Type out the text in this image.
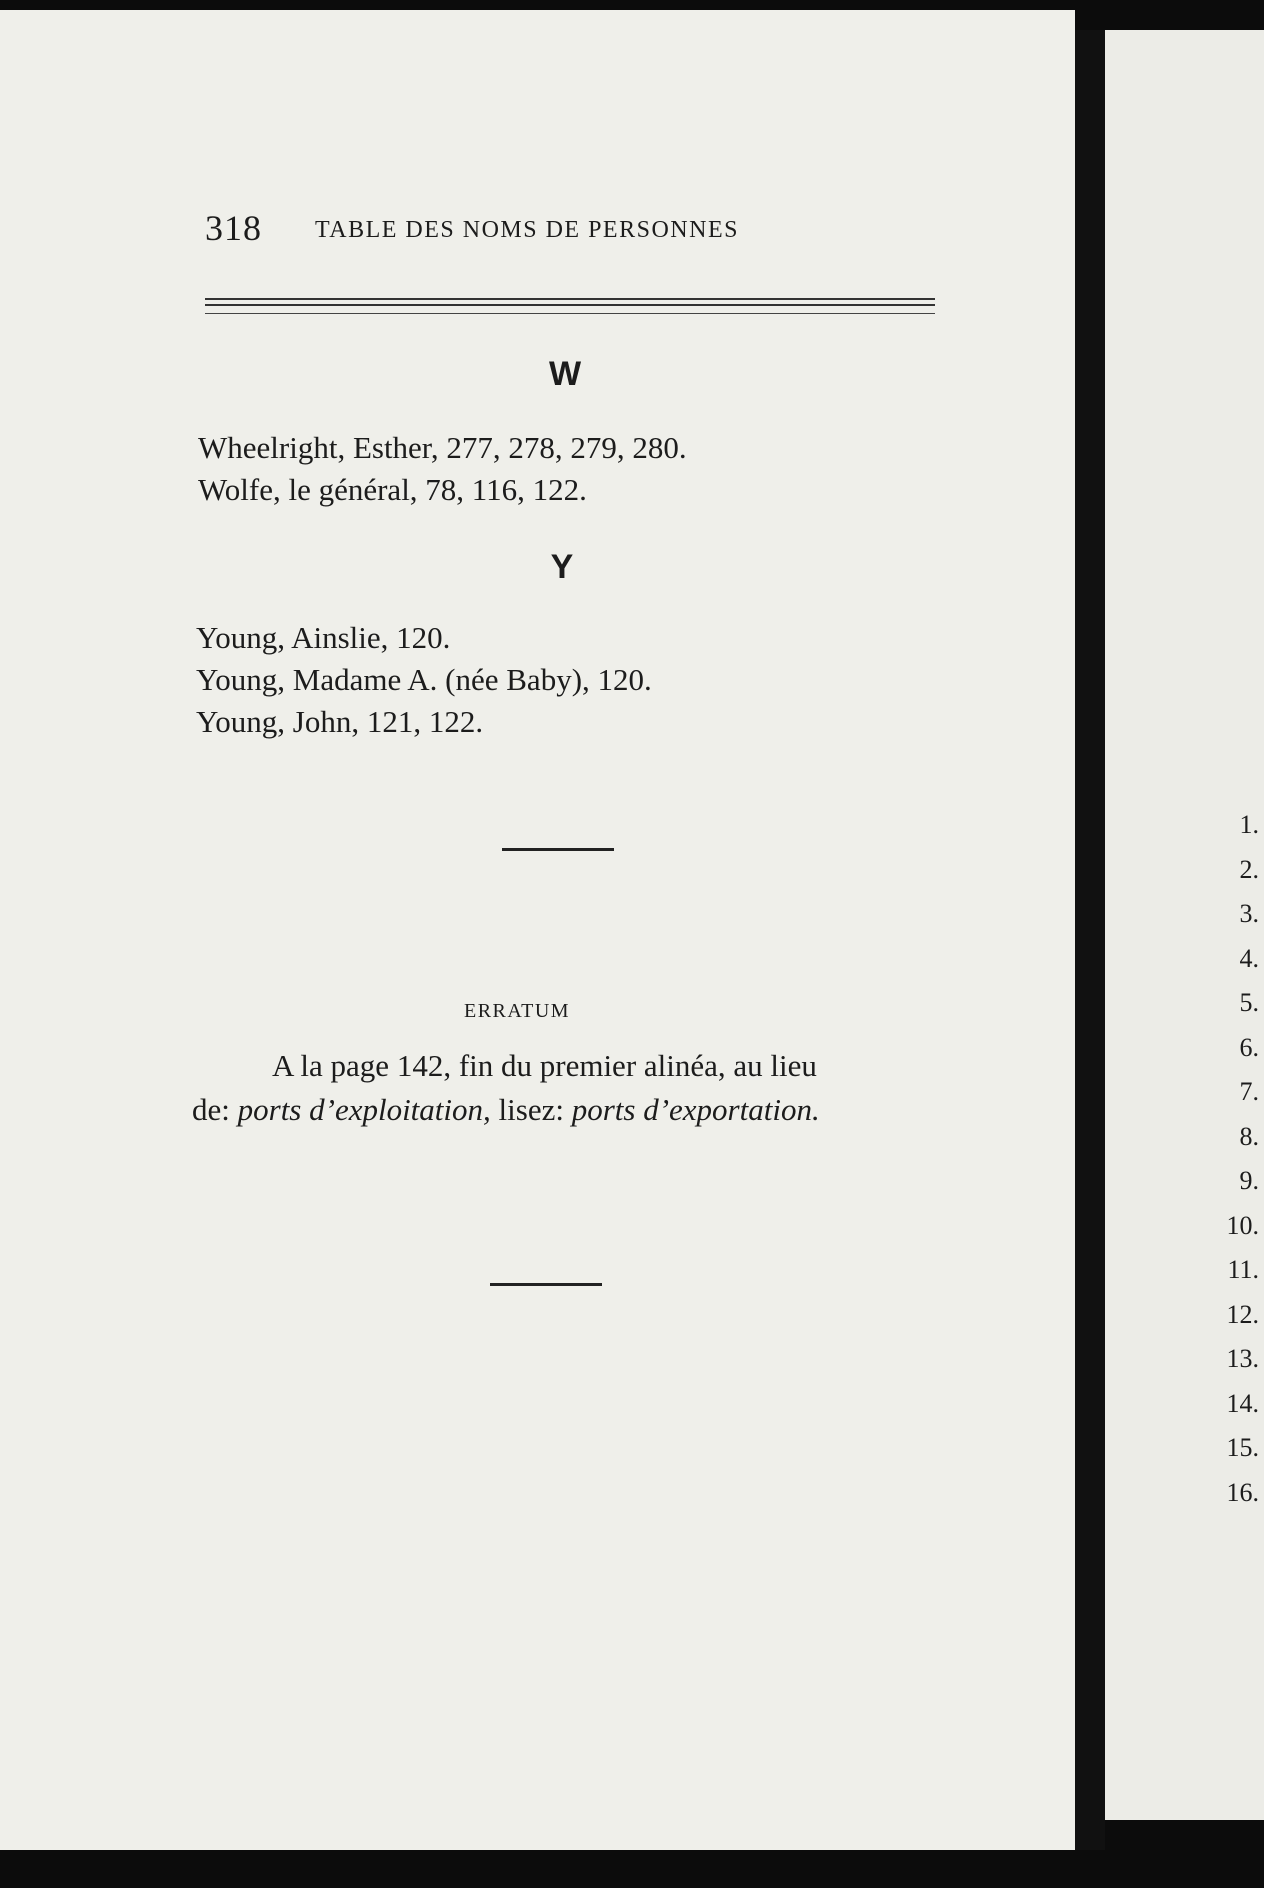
318 TABLE DES NOMS DE PERSONNES
W
Wheelright, Esther, 277, 278, 279, 280.
Wolfe, le général, 78, 116, 122.
Y
Young, Ainslie, 120.
Young, Madame A. (née Baby), 120.
Young, John, 121, 122.
ERRATUM
A la page 142, fin du premier alinéa, au lieu
de: ports d’exploitation, lisez: ports d’exportation.
1.
2.
3.
4.
5.
6.
7.
8.
9.
10.
11.
12.
13.
14.
15.
16.
